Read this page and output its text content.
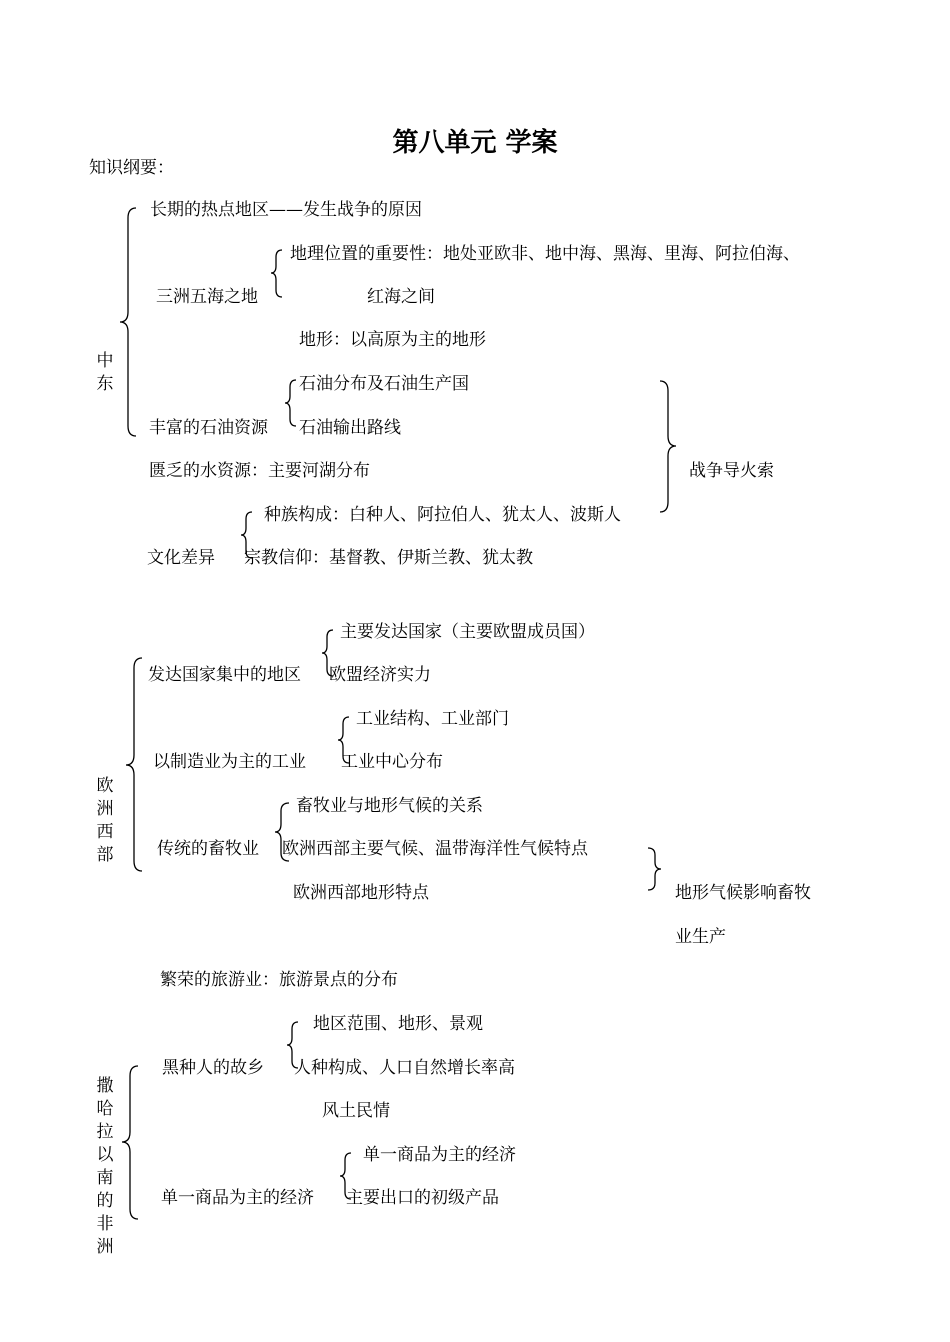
第八单元 学案
知识纲要：
中东
长期的热点地区——发生战争的原因
地理位置的重要性：地处亚欧非、地中海、黑海、里海、阿拉伯海、
三洲五海之地	红海之间
地形：以高原为主的地形
石油分布及石油生产国
丰富的石油资源 石油输出路线
匮乏的水资源：主要河湖分布	战争导火索
种族构成：白种人、阿拉伯人、犹太人、波斯人
文化差异 宗教信仰：基督教、伊斯兰教、犹太教
欧洲西部
主要发达国家（主要欧盟成员国）
发达国家集中的地区 欧盟经济实力
工业结构、工业部门
以制造业为主的工业 工业中心分布
畜牧业与地形气候的关系
传统的畜牧业 欧洲西部主要气候、温带海洋性气候特点
欧洲西部地形特点	地形气候影响畜牧
业生产
繁荣的旅游业：旅游景点的分布
撒哈拉以南的非洲
地区范围、地形、景观
黑种人的故乡 人种构成、人口自然增长率高
风土民情
单一商品为主的经济
单一商品为主的经济 主要出口的初级产品
